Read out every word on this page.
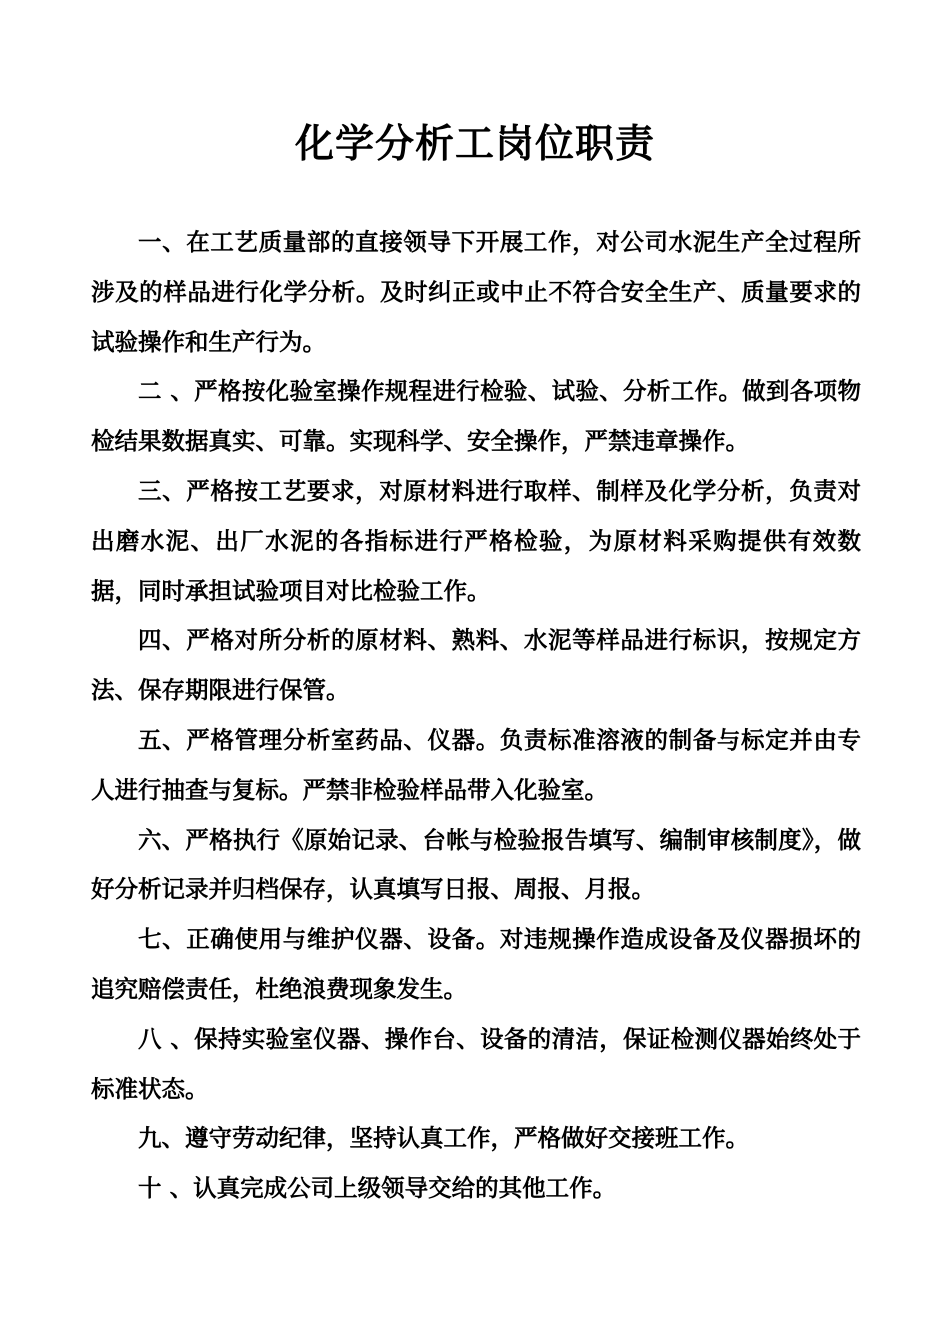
化学分析工岗位职责

一、在工艺质量部的直接领导下开展工作，对公司水泥生产全过程所涉及的样品进行化学分析。及时纠正或中止不符合安全生产、质量要求的试验操作和生产行为。

二 、严格按化验室操作规程进行检验、试验、分析工作。做到各项物检结果数据真实、可靠。实现科学、安全操作，严禁违章操作。

三、严格按工艺要求，对原材料进行取样、制样及化学分析，负责对出磨水泥、出厂水泥的各指标进行严格检验，为原材料采购提供有效数据，同时承担试验项目对比检验工作。

四、严格对所分析的原材料、熟料、水泥等样品进行标识，按规定方法、保存期限进行保管。

五、严格管理分析室药品、仪器。负责标准溶液的制备与标定并由专人进行抽查与复标。严禁非检验样品带入化验室。

六、严格执行《原始记录、台帐与检验报告填写、编制审核制度》，做好分析记录并归档保存，认真填写日报、周报、月报。

七、正确使用与维护仪器、设备。对违规操作造成设备及仪器损坏的追究赔偿责任，杜绝浪费现象发生。

八 、保持实验室仪器、操作台、设备的清洁，保证检测仪器始终处于标准状态。

九、遵守劳动纪律，坚持认真工作，严格做好交接班工作。

十 、认真完成公司上级领导交给的其他工作。
